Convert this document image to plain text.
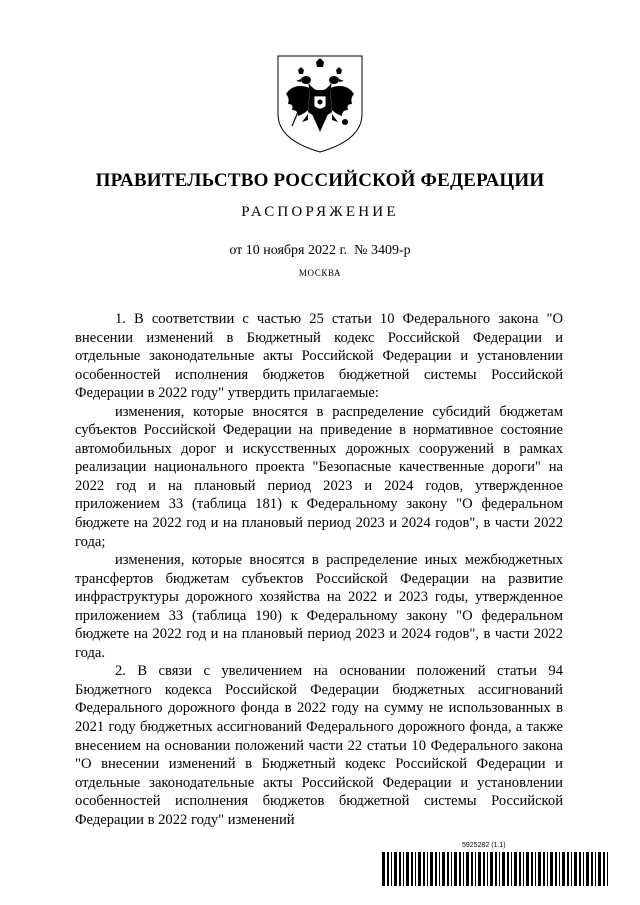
ПРАВИТЕЛЬСТВО РОССИЙСКОЙ ФЕДЕРАЦИИ
РАСПОРЯЖЕНИЕ
от 10 ноября 2022 г.  № 3409-р
МОСКВА

1. В соответствии с частью 25 статьи 10 Федерального закона "О внесении изменений в Бюджетный кодекс Российской Федерации и отдельные законодательные акты Российской Федерации и установлении особенностей исполнения бюджетов бюджетной системы Российской Федерации в 2022 году" утвердить прилагаемые:

изменения, которые вносятся в распределение субсидий бюджетам субъектов Российской Федерации на приведение в нормативное состояние автомобильных дорог и искусственных дорожных сооружений в рамках реализации национального проекта "Безопасные качественные дороги" на 2022 год и на плановый период 2023 и 2024 годов, утвержденное приложением 33 (таблица 181) к Федеральному закону "О федеральном бюджете на 2022 год и на плановый период 2023 и 2024 годов", в части 2022 года;

изменения, которые вносятся в распределение иных межбюджетных трансфертов бюджетам субъектов Российской Федерации на развитие инфраструктуры дорожного хозяйства на 2022 и 2023 годы, утвержденное приложением 33 (таблица 190) к Федеральному закону "О федеральном бюджете на 2022 год и на плановый период 2023 и 2024 годов", в части 2022 года.

2. В связи с увеличением на основании положений статьи 94 Бюджетного кодекса Российской Федерации бюджетных ассигнований Федерального дорожного фонда в 2022 году на сумму не использованных в 2021 году бюджетных ассигнований Федерального дорожного фонда, а также внесением на основании положений части 22 статьи 10 Федерального закона "О внесении изменений в Бюджетный кодекс Российской Федерации и отдельные законодательные акты Российской Федерации и установлении особенностей исполнения бюджетов бюджетной системы Российской Федерации в 2022 году" изменений

5925282 (1.1)
